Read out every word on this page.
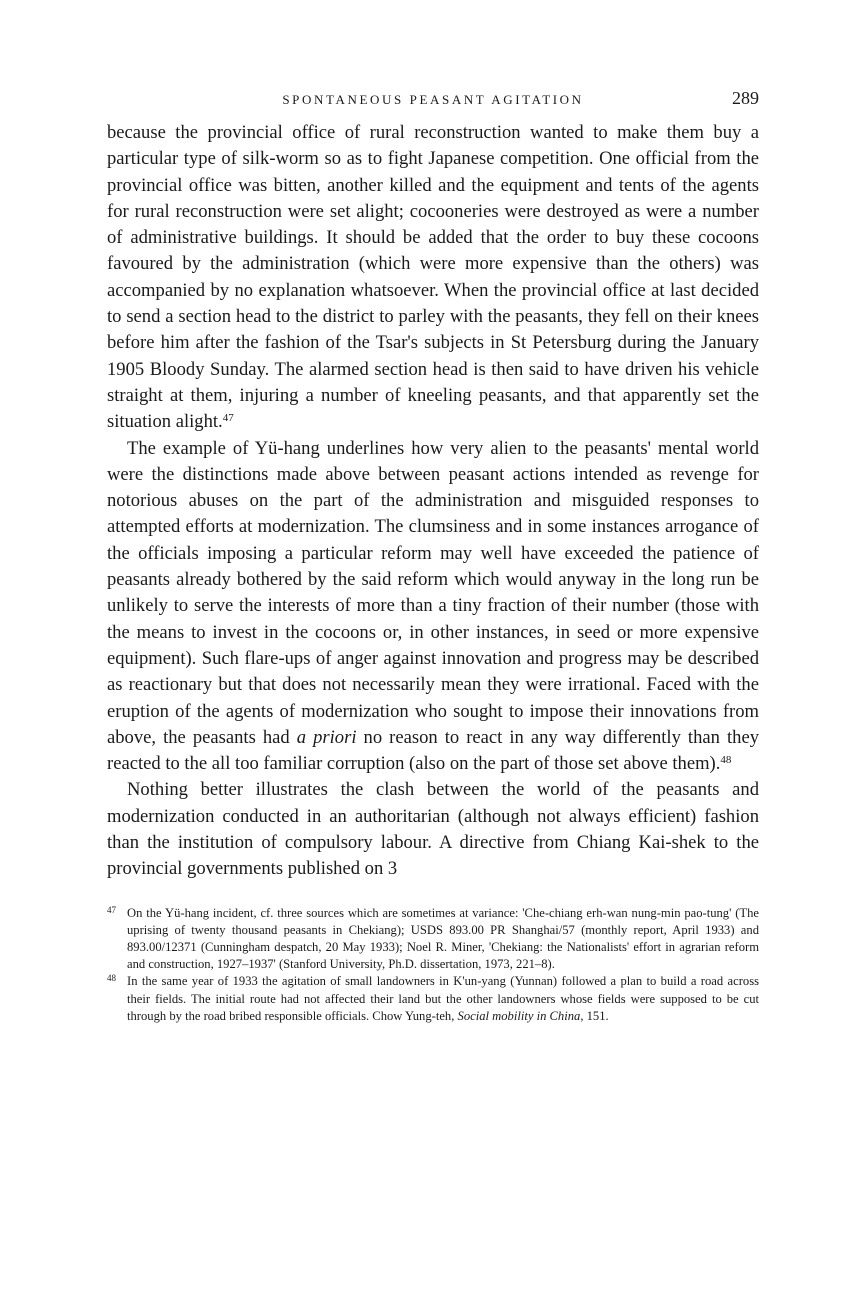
SPONTANEOUS PEASANT AGITATION	289

because the provincial office of rural reconstruction wanted to make them buy a particular type of silk-worm so as to fight Japanese competition. One official from the provincial office was bitten, another killed and the equipment and tents of the agents for rural reconstruction were set alight; cocooneries were destroyed as were a number of administrative buildings. It should be added that the order to buy these cocoons favoured by the administration (which were more expensive than the others) was accompanied by no explanation whatsoever. When the provincial office at last decided to send a section head to the district to parley with the peasants, they fell on their knees before him after the fashion of the Tsar's subjects in St Petersburg during the January 1905 Bloody Sunday. The alarmed section head is then said to have driven his vehicle straight at them, injuring a number of kneeling peasants, and that apparently set the situation alight.$^{47}$

The example of Yü-hang underlines how very alien to the peasants' mental world were the distinctions made above between peasant actions intended as revenge for notorious abuses on the part of the administration and misguided responses to attempted efforts at modernization. The clumsiness and in some instances arrogance of the officials imposing a particular reform may well have exceeded the patience of peasants already bothered by the said reform which would anyway in the long run be unlikely to serve the interests of more than a tiny fraction of their number (those with the means to invest in the cocoons or, in other instances, in seed or more expensive equipment). Such flare-ups of anger against innovation and progress may be described as reactionary but that does not necessarily mean they were irrational. Faced with the eruption of the agents of modernization who sought to impose their innovations from above, the peasants had a priori no reason to react in any way differently than they reacted to the all too familiar corruption (also on the part of those set above them).$^{48}$

Nothing better illustrates the clash between the world of the peasants and modernization conducted in an authoritarian (although not always efficient) fashion than the institution of compulsory labour. A directive from Chiang Kai-shek to the provincial governments published on 3

47 On the Yü-hang incident, cf. three sources which are sometimes at variance: 'Che-chiang erh-wan nung-min pao-tung' (The uprising of twenty thousand peasants in Chekiang); USDS 893.00 PR Shanghai/57 (monthly report, April 1933) and 893.00/12371 (Cunningham despatch, 20 May 1933); Noel R. Miner, 'Chekiang: the Nationalists' effort in agrarian reform and construction, 1927–1937' (Stanford University, Ph.D. dissertation, 1973, 221–8).

48 In the same year of 1933 the agitation of small landowners in K'un-yang (Yunnan) followed a plan to build a road across their fields. The initial route had not affected their land but the other landowners whose fields were supposed to be cut through by the road bribed responsible officials. Chow Yung-teh, Social mobility in China, 151.
